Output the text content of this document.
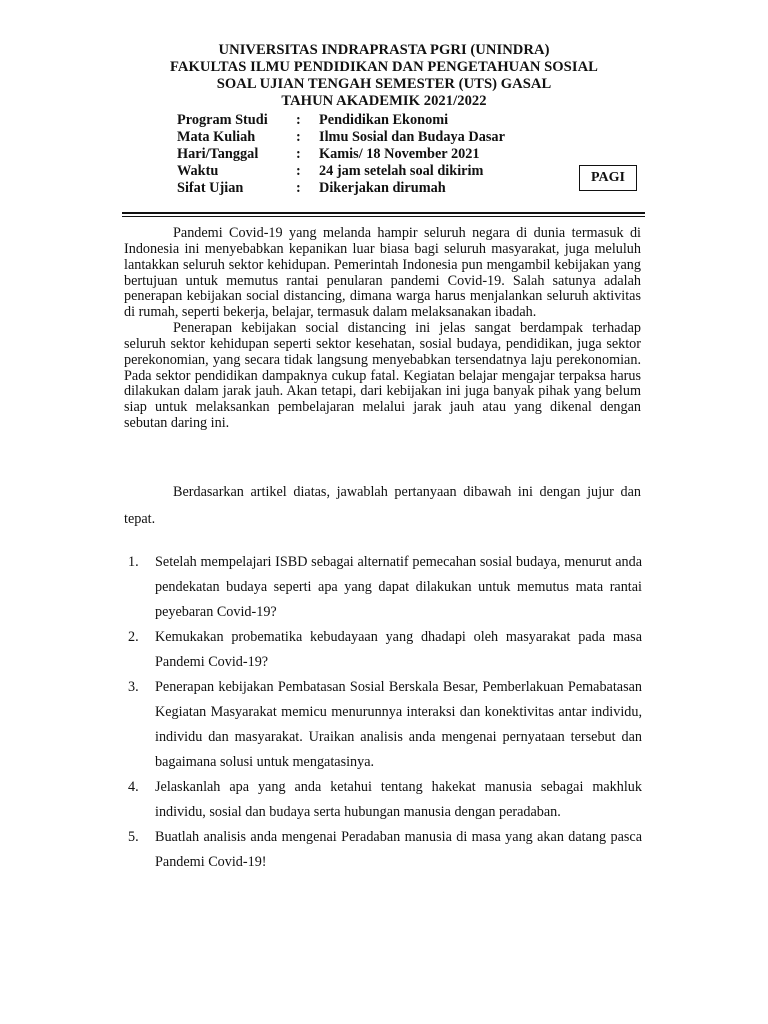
UNIVERSITAS INDRAPRASTA PGRI (UNINDRA)
FAKULTAS ILMU PENDIDIKAN DAN PENGETAHUAN SOSIAL
SOAL UJIAN TENGAH SEMESTER (UTS) GASAL
TAHUN AKADEMIK 2021/2022
Program Studi : Pendidikan Ekonomi
Mata Kuliah	: Ilmu Sosial dan Budaya Dasar
Hari/Tanggal	: Kamis/ 18 November 2021
Waktu	: 24 jam setelah soal dikirim
Sifat Ujian	: Dikerjakan dirumah
PAGI

Pandemi Covid-19 yang melanda hampir seluruh negara di dunia termasuk di Indonesia ini menyebabkan kepanikan luar biasa bagi seluruh masyarakat, juga meluluh lantakkan seluruh sektor kehidupan. Pemerintah Indonesia pun mengambil kebijakan yang bertujuan untuk memutus rantai penularan pandemi Covid-19. Salah satunya adalah penerapan kebijakan social distancing, dimana warga harus menjalankan seluruh aktivitas di rumah, seperti bekerja, belajar, termasuk dalam melaksanakan ibadah.

Penerapan kebijakan social distancing ini jelas sangat berdampak terhadap seluruh sektor kehidupan seperti sektor kesehatan, sosial budaya, pendidikan, juga sektor perekonomian, yang secara tidak langsung menyebabkan tersendatnya laju perekonomian. Pada sektor pendidikan dampaknya cukup fatal. Kegiatan belajar mengajar terpaksa harus dilakukan dalam jarak jauh. Akan tetapi, dari kebijakan ini juga banyak pihak yang belum siap untuk melaksankan pembelajaran melalui jarak jauh atau yang dikenal dengan sebutan daring ini.

Berdasarkan artikel diatas, jawablah pertanyaan dibawah ini dengan jujur dan tepat.
1. Setelah mempelajari ISBD sebagai alternatif pemecahan sosial budaya, menurut anda pendekatan budaya seperti apa yang dapat dilakukan untuk memutus mata rantai peyebaran Covid-19?
2. Kemukakan probematika kebudayaan yang dhadapi oleh masyarakat pada masa Pandemi Covid-19?
3. Penerapan kebijakan Pembatasan Sosial Berskala Besar, Pemberlakuan Pemabatasan Kegiatan Masyarakat memicu menurunnya interaksi dan konektivitas antar individu, individu dan masyarakat. Uraikan analisis anda mengenai pernyataan tersebut dan bagaimana solusi untuk mengatasinya.
4. Jelaskanlah apa yang anda ketahui tentang hakekat manusia sebagai makhluk individu, sosial dan budaya serta hubungan manusia dengan peradaban.
5. Buatlah analisis anda mengenai Peradaban manusia di masa yang akan datang pasca Pandemi Covid-19!
